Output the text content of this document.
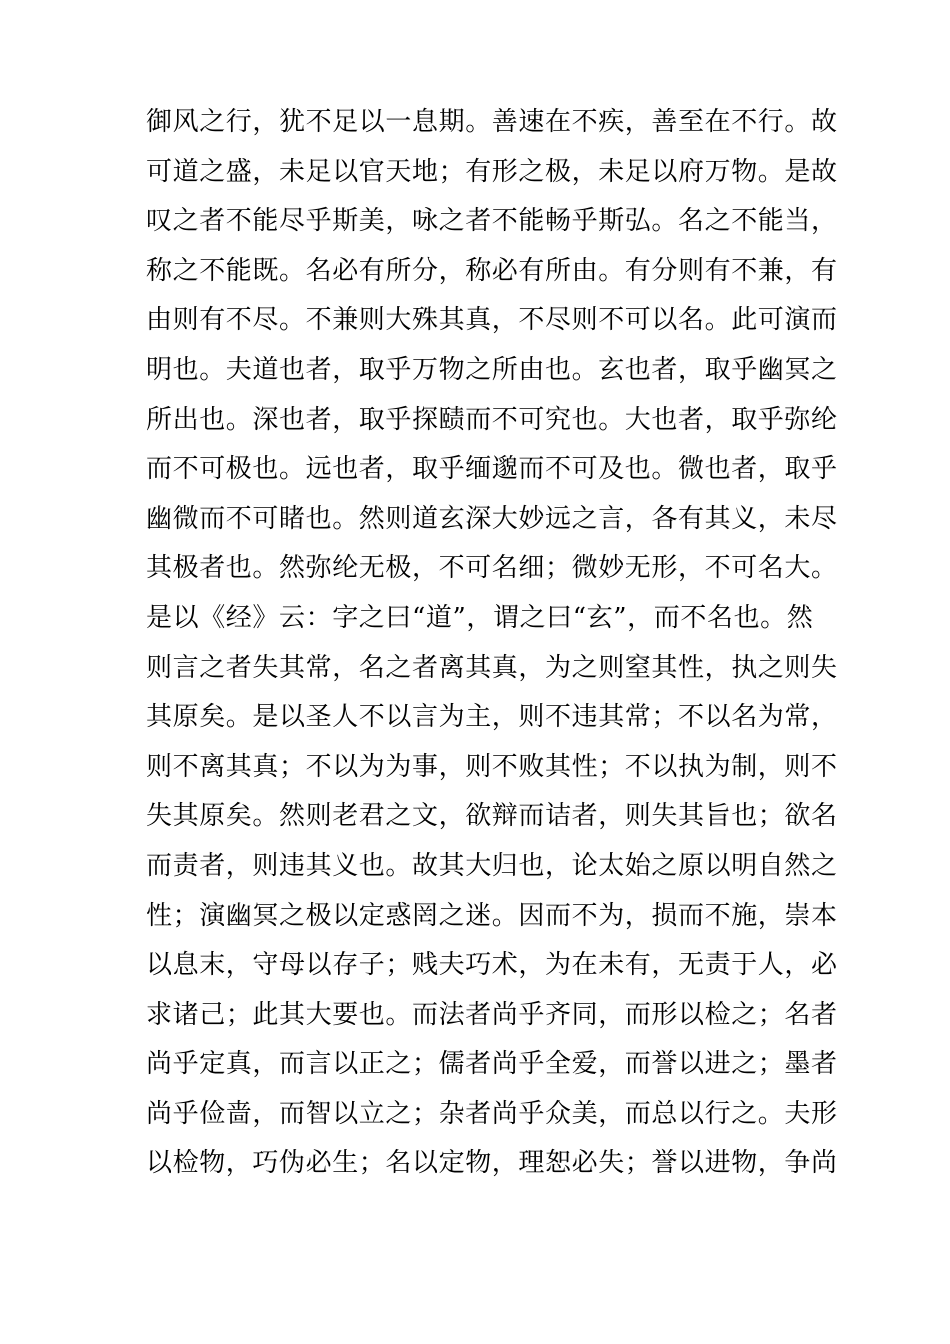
御风之行，犹不足以一息期。善速在不疾，善至在不行。故
可道之盛，未足以官天地；有形之极，未足以府万物。是故
叹之者不能尽乎斯美，咏之者不能畅乎斯弘。名之不能当，
称之不能既。名必有所分，称必有所由。有分则有不兼，有
由则有不尽。不兼则大殊其真，不尽则不可以名。此可演而
明也。夫道也者，取乎万物之所由也。玄也者，取乎幽冥之
所出也。深也者，取乎探赜而不可究也。大也者，取乎弥纶
而不可极也。远也者，取乎缅邈而不可及也。微也者，取乎
幽微而不可睹也。然则道玄深大妙远之言，各有其义，未尽
其极者也。然弥纶无极，不可名细；微妙无形，不可名大。
是以《经》云：字之曰“道”，谓之曰“玄”，而不名也。然
则言之者失其常，名之者离其真，为之则窒其性，执之则失
其原矣。是以圣人不以言为主，则不违其常；不以名为常，
则不离其真；不以为为事，则不败其性；不以执为制，则不
失其原矣。然则老君之文，欲辩而诘者，则失其旨也；欲名
而责者，则违其义也。故其大归也，论太始之原以明自然之
性；演幽冥之极以定惑罔之迷。因而不为，损而不施，崇本
以息末，守母以存子；贱夫巧术，为在未有，无责于人，必
求诸己；此其大要也。而法者尚乎齐同，而形以检之；名者
尚乎定真，而言以正之；儒者尚乎全爱，而誉以进之；墨者
尚乎俭啬，而智以立之；杂者尚乎众美，而总以行之。夫形
以检物，巧伪必生；名以定物，理恕必失；誉以进物，争尚
